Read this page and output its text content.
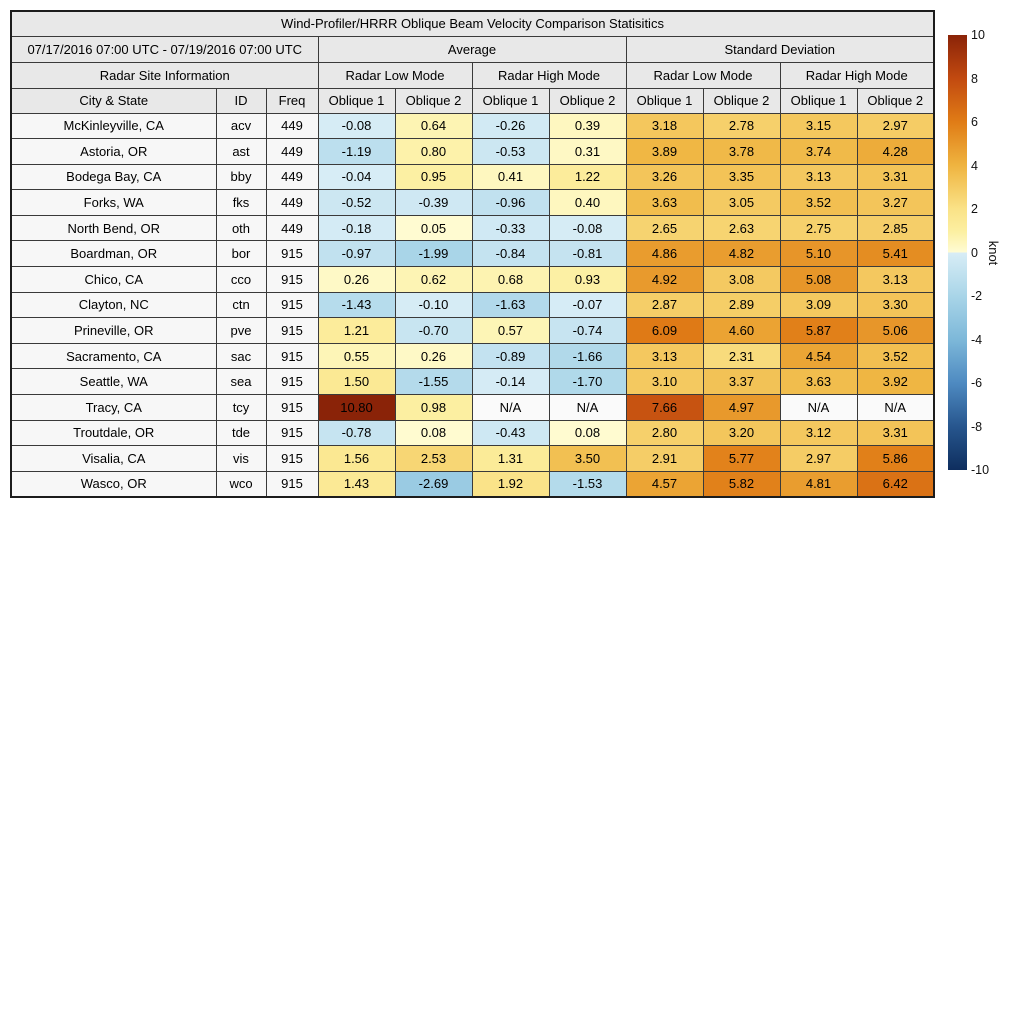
Wind-Profiler/HRRR Oblique Beam Velocity Comparison Statisitics										
07/17/2016 07:00 UTC - 07/19/2016 07:00 UTC			Average				Standard Deviation			
Radar Site Information			Radar Low Mode		Radar High Mode		Radar Low Mode		Radar High Mode	
City & State	ID	Freq	Oblique 1	Oblique 2	Oblique 1	Oblique 2	Oblique 1	Oblique 2	Oblique 1	Oblique 2
McKinleyville, CA	acv	449	-0.08	0.64	-0.26	0.39	3.18	2.78	3.15	2.97
Astoria, OR	ast	449	-1.19	0.80	-0.53	0.31	3.89	3.78	3.74	4.28
Bodega Bay, CA	bby	449	-0.04	0.95	0.41	1.22	3.26	3.35	3.13	3.31
Forks, WA	fks	449	-0.52	-0.39	-0.96	0.40	3.63	3.05	3.52	3.27
North Bend, OR	oth	449	-0.18	0.05	-0.33	-0.08	2.65	2.63	2.75	2.85
Boardman, OR	bor	915	-0.97	-1.99	-0.84	-0.81	4.86	4.82	5.10	5.41
Chico, CA	cco	915	0.26	0.62	0.68	0.93	4.92	3.08	5.08	3.13
Clayton, NC	ctn	915	-1.43	-0.10	-1.63	-0.07	2.87	2.89	3.09	3.30
Prineville, OR	pve	915	1.21	-0.70	0.57	-0.74	6.09	4.60	5.87	5.06
Sacramento, CA	sac	915	0.55	0.26	-0.89	-1.66	3.13	2.31	4.54	3.52
Seattle, WA	sea	915	1.50	-1.55	-0.14	-1.70	3.10	3.37	3.63	3.92
Tracy, CA	tcy	915	10.80	0.98	N/A	N/A	7.66	4.97	N/A	N/A
Troutdale, OR	tde	915	-0.78	0.08	-0.43	0.08	2.80	3.20	3.12	3.31
Visalia, CA	vis	915	1.56	2.53	1.31	3.50	2.91	5.77	2.97	5.86
Wasco, OR	wco	915	1.43	-2.69	1.92	-1.53	4.57	5.82	4.81	6.42
10
8
6
4
2
0
-2
-4
-6
-8
-10
knot
